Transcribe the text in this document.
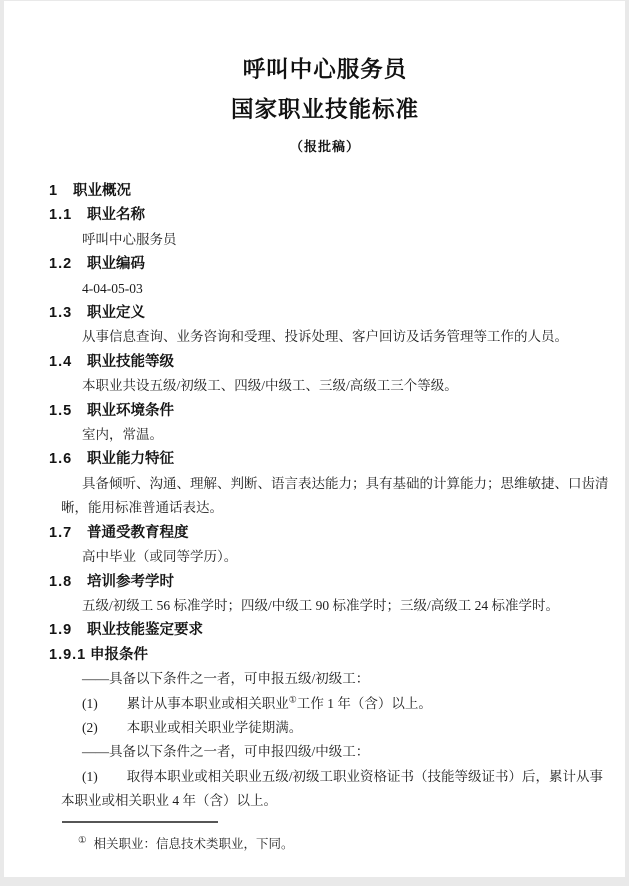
呼叫中心服务员
国家职业技能标准
（报批稿）
1 职业概况
1.1 职业名称
呼叫中心服务员
1.2 职业编码
4-04-05-03
1.3 职业定义
从事信息查询、业务咨询和受理、投诉处理、客户回访及话务管理等工作的人员。
1.4 职业技能等级
本职业共设五级/初级工、四级/中级工、三级/高级工三个等级。
1.5 职业环境条件
室内，常温。
1.6 职业能力特征
具备倾听、沟通、理解、判断、语言表达能力；具有基础的计算能力；思维敏捷、口齿清晰，能用标准普通话表达。
1.7 普通受教育程度
高中毕业（或同等学历）。
1.8 培训参考学时
五级/初级工 56 标准学时；四级/中级工 90 标准学时；三级/高级工 24 标准学时。
1.9 职业技能鉴定要求
1.9.1 申报条件
——具备以下条件之一者，可申报五级/初级工：
(1) 累计从事本职业或相关职业①工作 1 年（含）以上。
(2) 本职业或相关职业学徒期满。
——具备以下条件之一者，可申报四级/中级工：
(1) 取得本职业或相关职业五级/初级工职业资格证书（技能等级证书）后，累计从事本职业或相关职业 4 年（含）以上。
① 相关职业：信息技术类职业，下同。
